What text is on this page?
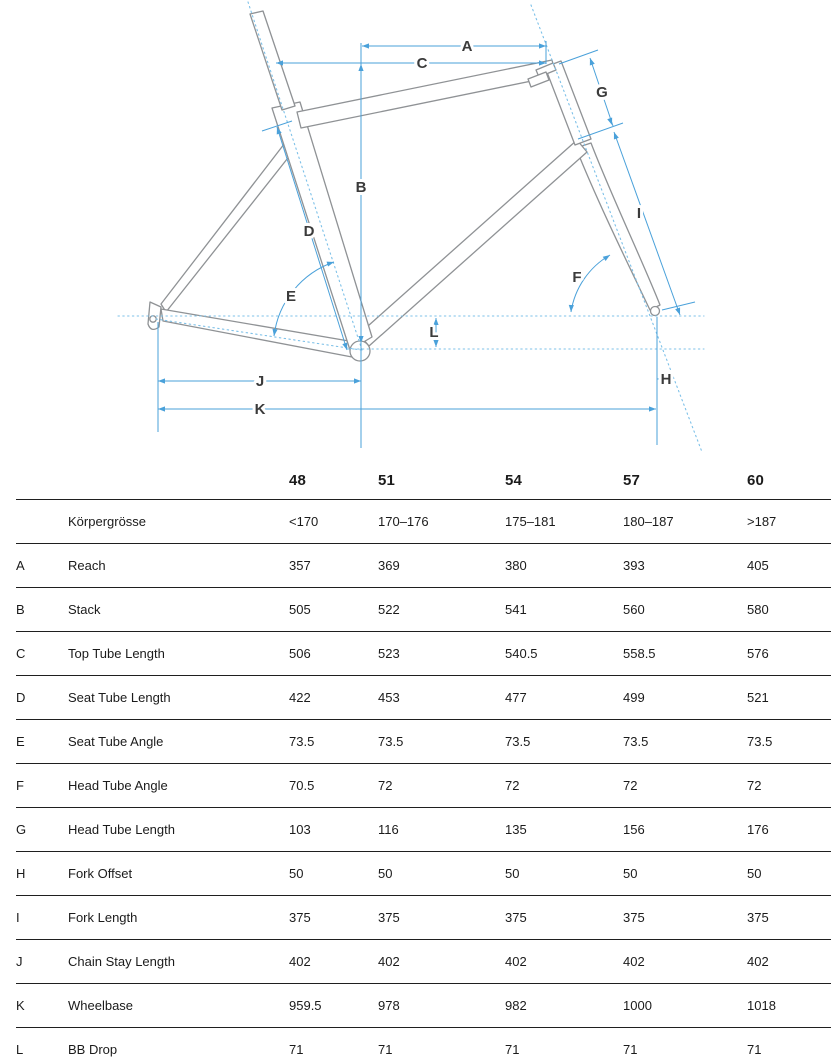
A
B
C
D
E
F
G
H
I
J
K
L
48	51	54	57	60
Körpergrösse	<170	170–176	175–181	180–187	>187
A	Reach	357	369	380	393	405
B	Stack	505	522	541	560	580
C	Top Tube Length	506	523	540.5	558.5	576
D	Seat Tube Length	422	453	477	499	521
E	Seat Tube Angle	73.5	73.5	73.5	73.5	73.5
F	Head Tube Angle	70.5	72	72	72	72
G	Head Tube Length	103	116	135	156	176
H	Fork Offset	50	50	50	50	50
I	Fork Length	375	375	375	375	375
J	Chain Stay Length	402	402	402	402	402
K	Wheelbase	959.5	978	982	1000	1018
L	BB Drop	71	71	71	71	71
